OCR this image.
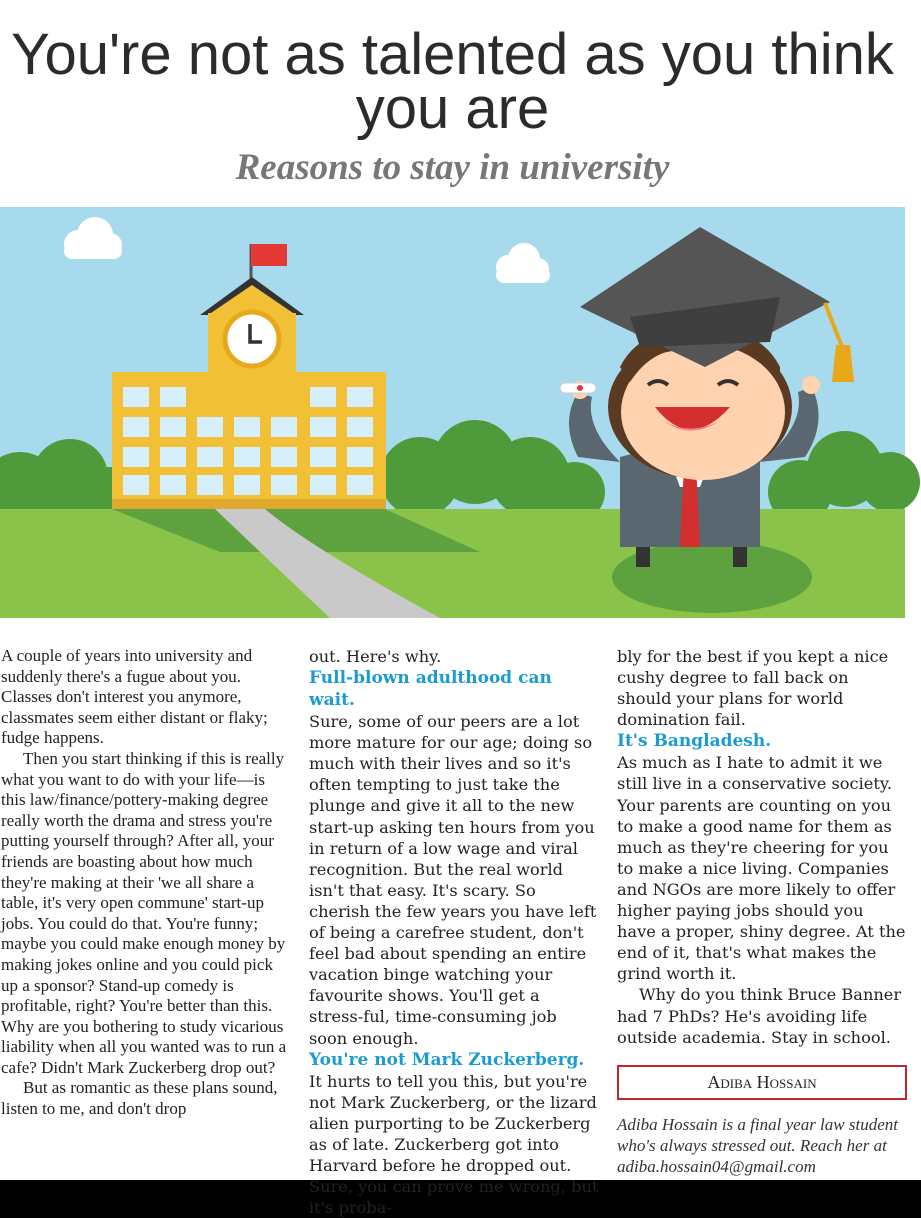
You're not as talented as you think you are
Reasons to stay in university

A couple of years into university and suddenly there's a fugue about you. Classes don't interest you anymore, classmates seem either distant or flaky; fudge happens.

Then you start thinking if this is really what you want to do with your life—is this law/finance/pottery-making degree really worth the drama and stress you're putting yourself through? After all, your friends are boasting about how much they're making at their 'we all share a table, it's very open commune' start-up jobs. You could do that. You're funny; maybe you could make enough money by making jokes online and you could pick up a sponsor? Stand-up comedy is profitable, right? You're better than this. Why are you bothering to study vicarious liability when all you wanted was to run a cafe? Didn't Mark Zuckerberg drop out?

But as romantic as these plans sound, listen to me, and don't drop

out. Here's why.

Full-blown adulthood can wait.

Sure, some of our peers are a lot more mature for our age; doing so much with their lives and so it's often tempting to just take the plunge and give it all to the new start-up asking ten hours from you in return of a low wage and viral recognition. But the real world isn't that easy. It's scary. So cherish the few years you have left of being a carefree student, don't feel bad about spending an entire vacation binge watching your favourite shows. You'll get a stress-ful, time-consuming job soon enough.

You're not Mark Zuckerberg.

It hurts to tell you this, but you're not Mark Zuckerberg, or the lizard alien purporting to be Zuckerberg as of late. Zuckerberg got into Harvard before he dropped out. Sure, you can prove me wrong, but it's proba-

bly for the best if you kept a nice cushy degree to fall back on should your plans for world domination fail.

It's Bangladesh.

As much as I hate to admit it we still live in a conservative society. Your parents are counting on you to make a good name for them as much as they're cheering for you to make a nice living. Companies and NGOs are more likely to offer higher paying jobs should you have a proper, shiny degree. At the end of it, that's what makes the grind worth it.

Why do you think Bruce Banner had 7 PhDs? He's avoiding life outside academia. Stay in school.

Adiba Hossain
Adiba Hossain is a final year law student who's always stressed out. Reach her at adiba.hossain04@gmail.com
